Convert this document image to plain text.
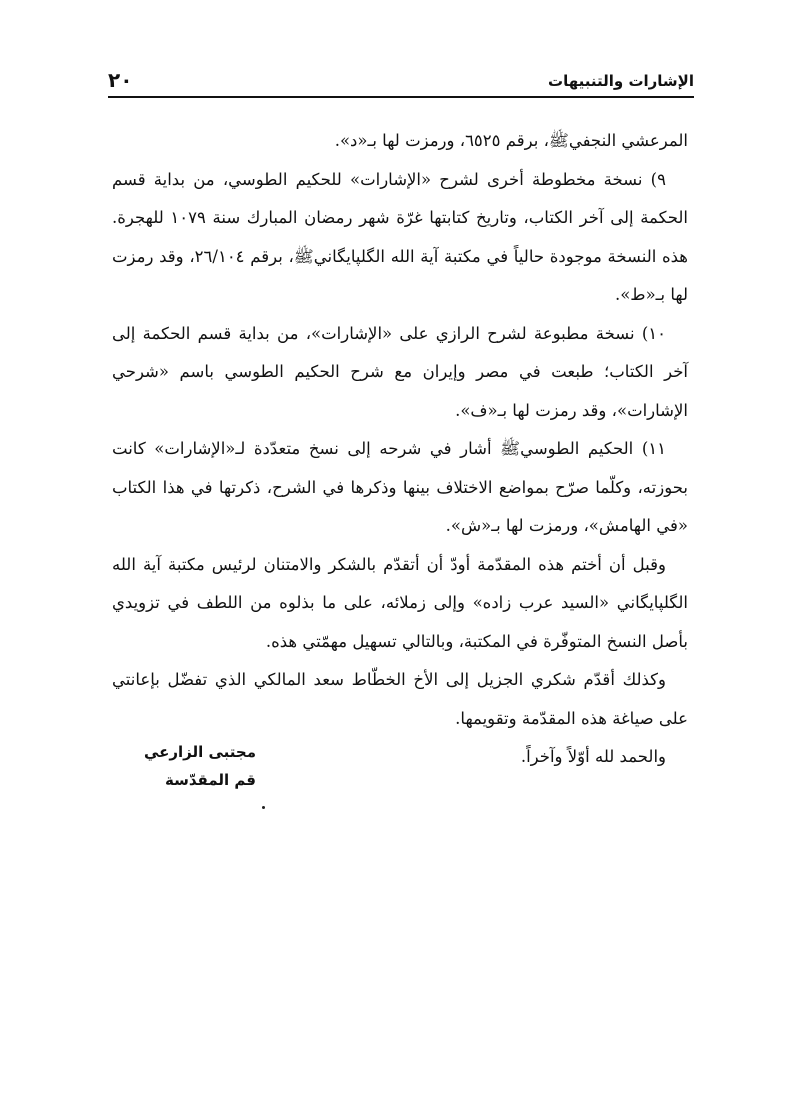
الإشارات والتنبيهات
٢٠

المرعشي النجفيﷺ، برقم ٦٥٢٥، ورمزت لها بـ«د».

٩) نسخة مخطوطة أخرى لشرح «الإشارات» للحكيم الطوسي، من بداية قسم الحكمة إلى آخر الكتاب، وتاريخ كتابتها غرّة شهر رمضان المبارك سنة ١٠٧٩ للهجرة. هذه النسخة موجودة حالياً في مكتبة آية الله الگلپايگانيﷺ، برقم ٢٦/١٠٤، وقد رمزت لها بـ«ط».

١٠) نسخة مطبوعة لشرح الرازي على «الإشارات»، من بداية قسم الحكمة إلى آخر الكتاب؛ طبعت في مصر وإيران مع شرح الحكيم الطوسي باسم «شرحي الإشارات»، وقد رمزت لها بـ«ف».

١١) الحكيم الطوسيﷺ أشار في شرحه إلى نسخ متعدّدة لـ«الإشارات» كانت بحوزته، وكلّما صرّح بمواضع الاختلاف بينها وذكرها في الشرح، ذكرتها في هذا الكتاب «في الهامش»، ورمزت لها بـ«ش».

وقبل أن أختم هذه المقدّمة أودّ أن أتقدّم بالشكر والامتنان لرئيس مكتبة آية الله الگلپايگاني «السيد عرب زاده» وإلى زملائه، على ما بذلوه من اللطف في تزويدي بأصل النسخ المتوفّرة في المكتبة، وبالتالي تسهيل مهمّتي هذه.

وكذلك أقدّم شكري الجزيل إلى الأخ الخطّاط سعد المالكي الذي تفضّل بإعانتي على صياغة هذه المقدّمة وتقويمها.

والحمد لله أوّلاً وآخراً.

مجتبى الزارعي
قم المقدّسة
